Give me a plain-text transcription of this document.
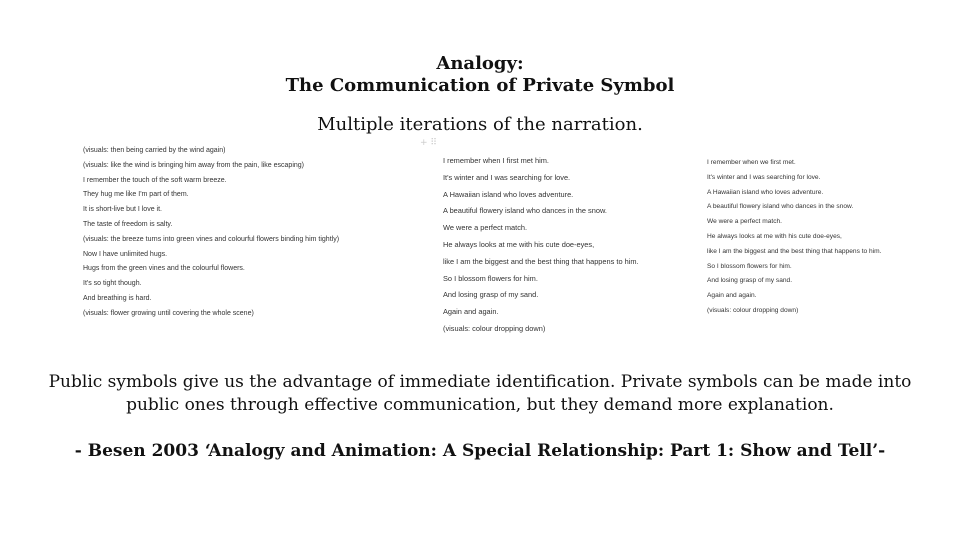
Analogy:
The Communication of Private Symbol
Multiple iterations of the narration.
+ ⠿
(visuals: then being carried by the wind again)
(visuals: like the wind is bringing him away from the pain, like escaping)
I remember the touch of the soft warm breeze.
They hug me like I'm part of them.
It is short-live but I love it.
The taste of freedom is salty.
(visuals: the breeze turns into green vines and colourful flowers binding him tightly)
Now I have unlimited hugs.
Hugs from the green vines and the colourful flowers.
It's so tight though.
And breathing is hard.
(visuals: flower growing until covering the whole scene)
I remember when I first met him.
It's winter and I was searching for love.
A Hawaiian island who loves adventure.
A beautiful flowery island who dances in the snow.
We were a perfect match.
He always looks at me with his cute doe-eyes,
like I am the biggest and the best thing that happens to him.
So I blossom flowers for him.
And losing grasp of my sand.
Again and again.
(visuals: colour dropping down)
I remember when we first met.
It's winter and I was searching for love.
A Hawaiian island who loves adventure.
A beautiful flowery island who dances in the snow.
We were a perfect match.
He always looks at me with his cute doe-eyes,
like I am the biggest and the best thing that happens to him.
So I blossom flowers for him.
And losing grasp of my sand.
Again and again.
(visuals: colour dropping down)
Public symbols give us the advantage of immediate identification. Private symbols can be made into
public ones through effective communication, but they demand more explanation.
- Besen 2003 ‘Analogy and Animation: A Special Relationship: Part 1: Show and Tell’-
